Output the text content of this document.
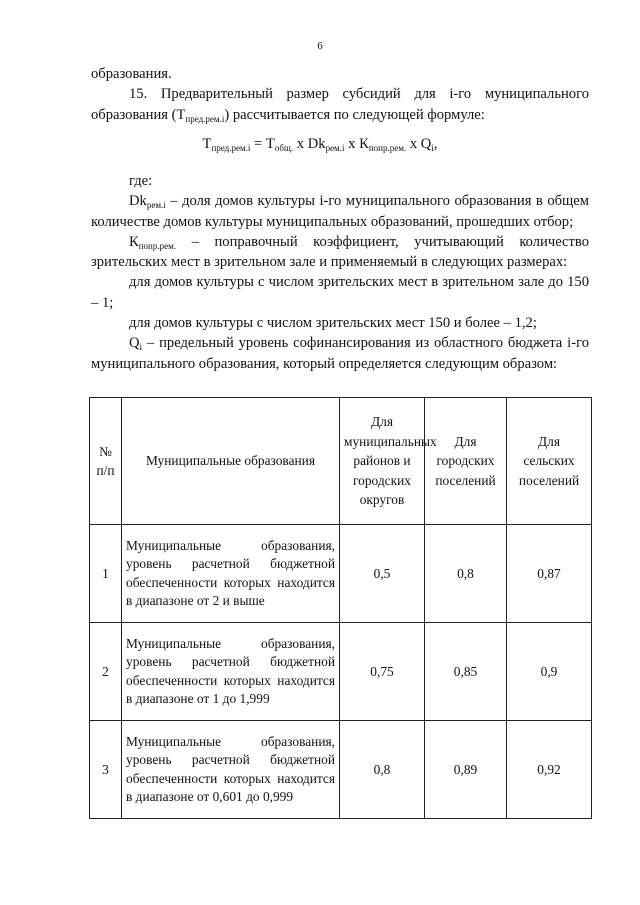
6

образования.

15. Предварительный размер субсидий для i-го муниципального образования $(Т_{пред.рем.i})$ рассчитывается по следующей формуле:

$Т_{пред.рем.i} = Т_{общ.}$ х $Dk_{рем.i}$ х $К_{попр.рем.}$ х $Q_i$,

где:

$Dk_{рем.i}$ – доля домов культуры i-го муниципального образования в общем количестве домов культуры муниципальных образований, прошедших отбор;

$К_{попр.рем.}$ – поправочный коэффициент, учитывающий количество зрительских мест в зрительном зале и применяемый в следующих размерах:

для домов культуры с числом зрительских мест в зрительном зале до 150 – 1;

для домов культуры с числом зрительских мест 150 и более – 1,2;

$Q_i$ – предельный уровень софинансирования из областного бюджета i-го муниципального образования, который определяется следующим образом:

№ п/п	Муниципальные образования	Для муниципальных районов и городских округов	Для городских поселений	Для сельских поселений
1	Муниципальные образования, уровень расчетной бюджетной обеспеченности которых находится в диапазоне от 2 и выше	0,5	0,8	0,87
2	Муниципальные образования, уровень расчетной бюджетной обеспеченности которых находится в диапазоне от 1 до 1,999	0,75	0,85	0,9
3	Муниципальные образования, уровень расчетной бюджетной обеспеченности которых находится в диапазоне от 0,601 до 0,999	0,8	0,89	0,92
